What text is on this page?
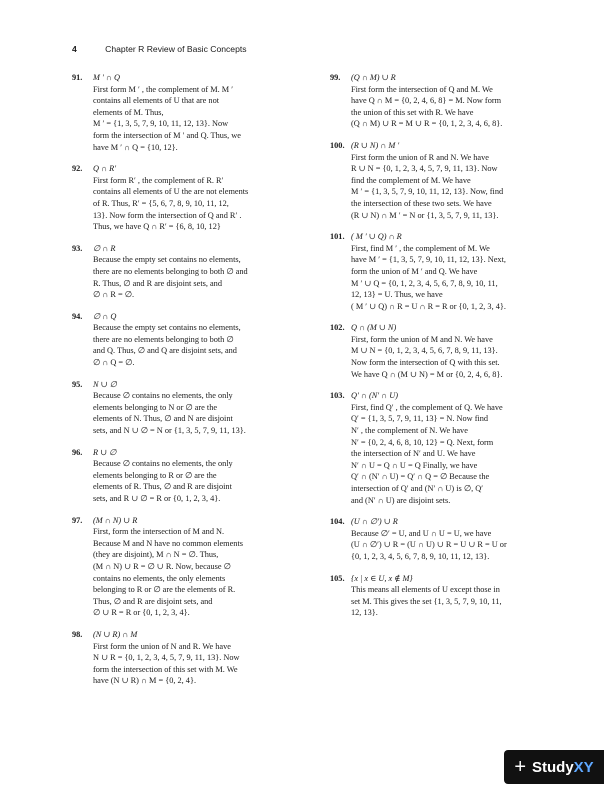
4	Chapter R Review of Basic Concepts
91. M ′ ∩ Q
First form M ′ , the complement of M. M ′
contains all elements of U that are not
elements of M. Thus,
M ′ = {1, 3, 5, 7, 9, 10, 11, 12, 13}. Now
form the intersection of M ′ and Q. Thus, we
have M ′ ∩ Q = {10, 12}.
92. Q ∩ R′
First form R′ , the complement of R. R′
contains all elements of U the are not elements
of R. Thus, R′ = {5, 6, 7, 8, 9, 10, 11, 12,
13}. Now form the intersection of Q and R′ .
Thus, we have Q ∩ R′ = {6, 8, 10, 12}
93. ∅ ∩ R
Because the empty set contains no elements,
there are no elements belonging to both ∅ and
R. Thus, ∅ and R are disjoint sets, and
∅ ∩ R = ∅.
94. ∅ ∩ Q
Because the empty set contains no elements,
there are no elements belonging to both ∅
and Q. Thus, ∅ and Q are disjoint sets, and
∅ ∩ Q = ∅.
95. N ∪ ∅
Because ∅ contains no elements, the only
elements belonging to N or ∅ are the
elements of N. Thus, ∅ and N are disjoint
sets, and N ∪ ∅ = N or {1, 3, 5, 7, 9, 11, 13}.
96. R ∪ ∅
Because ∅ contains no elements, the only
elements belonging to R or ∅ are the
elements of R. Thus, ∅ and R are disjoint
sets, and R ∪ ∅ = R or {0, 1, 2, 3, 4}.
97. (M ∩ N) ∪ R
First, form the intersection of M and N.
Because M and N have no common elements
(they are disjoint), M ∩ N = ∅. Thus,
(M ∩ N) ∪ R = ∅ ∪ R. Now, because ∅
contains no elements, the only elements
belonging to R or ∅ are the elements of R.
Thus, ∅ and R are disjoint sets, and
∅ ∪ R = R or {0, 1, 2, 3, 4}.
98. (N ∪ R) ∩ M
First form the union of N and R. We have
N ∪ R = {0, 1, 2, 3, 4, 5, 7, 9, 11, 13}. Now
form the intersection of this set with M. We
have (N ∪ R) ∩ M = {0, 2, 4}.
99. (Q ∩ M) ∪ R
First form the intersection of Q and M. We
have Q ∩ M = {0, 2, 4, 6, 8} = M. Now form
the union of this set with R. We have
(Q ∩ M) ∪ R = M ∪ R = {0, 1, 2, 3, 4, 6, 8}.
100. (R ∪ N) ∩ M ′
First form the union of R and N. We have
R ∪ N = {0, 1, 2, 3, 4, 5, 7, 9, 11, 13}. Now
find the complement of M. We have
M ′ = {1, 3, 5, 7, 9, 10, 11, 12, 13}. Now, find
the intersection of these two sets. We have
(R ∪ N) ∩ M ′ = N or {1, 3, 5, 7, 9, 11, 13}.
101. ( M ′ ∪ Q) ∩ R
First, find M ′ , the complement of M. We
have M ′ = {1, 3, 5, 7, 9, 10, 11, 12, 13}. Next,
form the union of M ′ and Q. We have
M ′ ∪ Q = {0, 1, 2, 3, 4, 5, 6, 7, 8, 9, 10, 11,
12, 13} = U. Thus, we have
( M ′ ∪ Q) ∩ R = U ∩ R = R or {0, 1, 2, 3, 4}.
102. Q ∩ (M ∪ N)
First, form the union of M and N. We have
M ∪ N = {0, 1, 2, 3, 4, 5, 6, 7, 8, 9, 11, 13}.
Now form the intersection of Q with this set.
We have Q ∩ (M ∪ N) = M or {0, 2, 4, 6, 8}.
103. Q′ ∩ (N′ ∩ U)
First, find Q′ , the complement of Q. We have
Q′ = {1, 3, 5, 7, 9, 11, 13} = N. Now find
N′ , the complement of N. We have
N′ = {0, 2, 4, 6, 8, 10, 12} = Q. Next, form
the intersection of N′ and U. We have
N′ ∩ U = Q ∩ U = Q Finally, we have
Q′ ∩ (N′ ∩ U) = Q′ ∩ Q = ∅ Because the
intersection of Q′ and (N′ ∩ U) is ∅, Q′
and (N′ ∩ U) are disjoint sets.
104. (U ∩ ∅′) ∪ R
Because ∅′ = U, and U ∩ U = U, we have
(U ∩ ∅′) ∪ R = (U ∩ U) ∪ R = U ∪ R = U or
{0, 1, 2, 3, 4, 5, 6, 7, 8, 9, 10, 11, 12, 13}.
105. {x | x ∈ U, x ∉ M}
This means all elements of U except those in
set M. This gives the set {1, 3, 5, 7, 9, 10, 11,
12, 13}.
+ Study XY
